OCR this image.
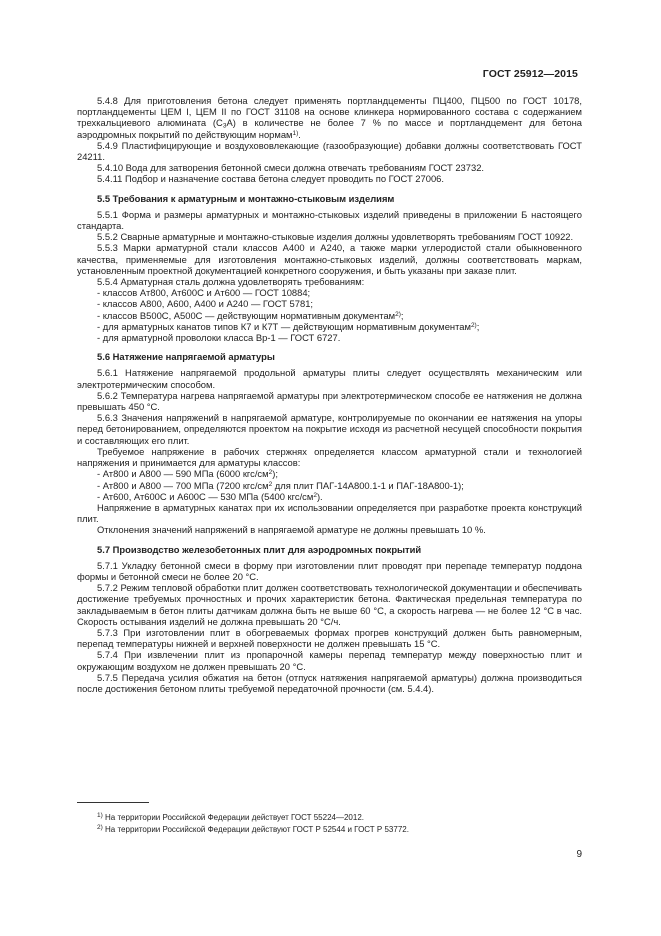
ГОСТ 25912—2015

5.4.8 Для приготовления бетона следует применять портландцементы ПЦ400, ПЦ500 по ГОСТ 10178, портландцементы ЦЕМ I, ЦЕМ II по ГОСТ 31108 на основе клинкера нормированного состава с содержанием трехкальциевого алюмината $(C_3A)$ в количестве не более 7 % по массе и портландцемент для бетона аэродромных покрытий по действующим нормам$^{1)}$.

5.4.9 Пластифицирующие и воздухововлекающие (газообразующие) добавки должны соответствовать ГОСТ 24211.

5.4.10 Вода для затворения бетонной смеси должна отвечать требованиям ГОСТ 23732.

5.4.11 Подбор и назначение состава бетона следует проводить по ГОСТ 27006.

5.5 Требования к арматурным и монтажно-стыковым изделиям

5.5.1 Форма и размеры арматурных и монтажно-стыковых изделий приведены в приложении Б настоящего стандарта.

5.5.2 Сварные арматурные и монтажно-стыковые изделия должны удовлетворять требованиям ГОСТ 10922.

5.5.3 Марки арматурной стали классов А400 и А240, а также марки углеродистой стали обыкновенного качества, применяемые для изготовления монтажно-стыковых изделий, должны соответствовать маркам, установленным проектной документацией конкретного сооружения, и быть указаны при заказе плит.

5.5.4 Арматурная сталь должна удовлетворять требованиям:

- классов Ат800, Ат600С и Ат600 — ГОСТ 10884;
- классов А800, А600, А400 и А240 — ГОСТ 5781;
- классов В500С, А500С — действующим нормативным документам$^{2)}$;
- для арматурных канатов типов К7 и К7Т — действующим нормативным документам$^{2)}$;
- для арматурной проволоки класса Вр-1 — ГОСТ 6727.
5.6 Натяжение напрягаемой арматуры

5.6.1 Натяжение напрягаемой продольной арматуры плиты следует осуществлять механическим или электротермическим способом.

5.6.2 Температура нагрева напрягаемой арматуры при электротермическом способе ее натяжения не должна превышать 450 °С.

5.6.3 Значения напряжений в напрягаемой арматуре, контролируемые по окончании ее натяжения на упоры перед бетонированием, определяются проектом на покрытие исходя из расчетной несущей способности покрытия и составляющих его плит.

Требуемое напряжение в рабочих стержнях определяется классом арматурной стали и технологией напряжения и принимается для арматуры классов:

- Ат800 и А800 — 590 МПа (6000 кгс/$см^2$);
- Ат800 и А800 — 700 МПа (7200 кгс/$см^2$ для плит ПАГ-14А800.1-1 и ПАГ-18А800-1);
- Ат600, Ат600С и А600С — 530 МПа (5400 кгс/$см^2$).

Напряжение в арматурных канатах при их использовании определяется при разработке проекта конструкций плит.

Отклонения значений напряжений в напрягаемой арматуре не должны превышать 10 %.

5.7 Производство железобетонных плит для аэродромных покрытий

5.7.1 Укладку бетонной смеси в форму при изготовлении плит проводят при перепаде температур поддона формы и бетонной смеси не более 20 °С.

5.7.2 Режим тепловой обработки плит должен соответствовать технологической документации и обеспечивать достижение требуемых прочностных и прочих характеристик бетона. Фактическая предельная температура по закладываемым в бетон плиты датчикам должна быть не выше 60 °С, а скорость нагрева — не более 12 °С в час. Скорость остывания изделий не должна превышать 20 °С/ч.

5.7.3 При изготовлении плит в обогреваемых формах прогрев конструкций должен быть равномерным, перепад температуры нижней и верхней поверхности не должен превышать 15 °С.

5.7.4 При извлечении плит из пропарочной камеры перепад температур между поверхностью плит и окружающим воздухом не должен превышать 20 °С.

5.7.5 Передача усилия обжатия на бетон (отпуск натяжения напрягаемой арматуры) должна производиться после достижения бетоном плиты требуемой передаточной прочности (см. 5.4.4).

$^{1)}$ На территории Российской Федерации действует ГОСТ 55224—2012.
$^{2)}$ На территории Российской Федерации действуют ГОСТ Р 52544 и ГОСТ Р 53772.
9
